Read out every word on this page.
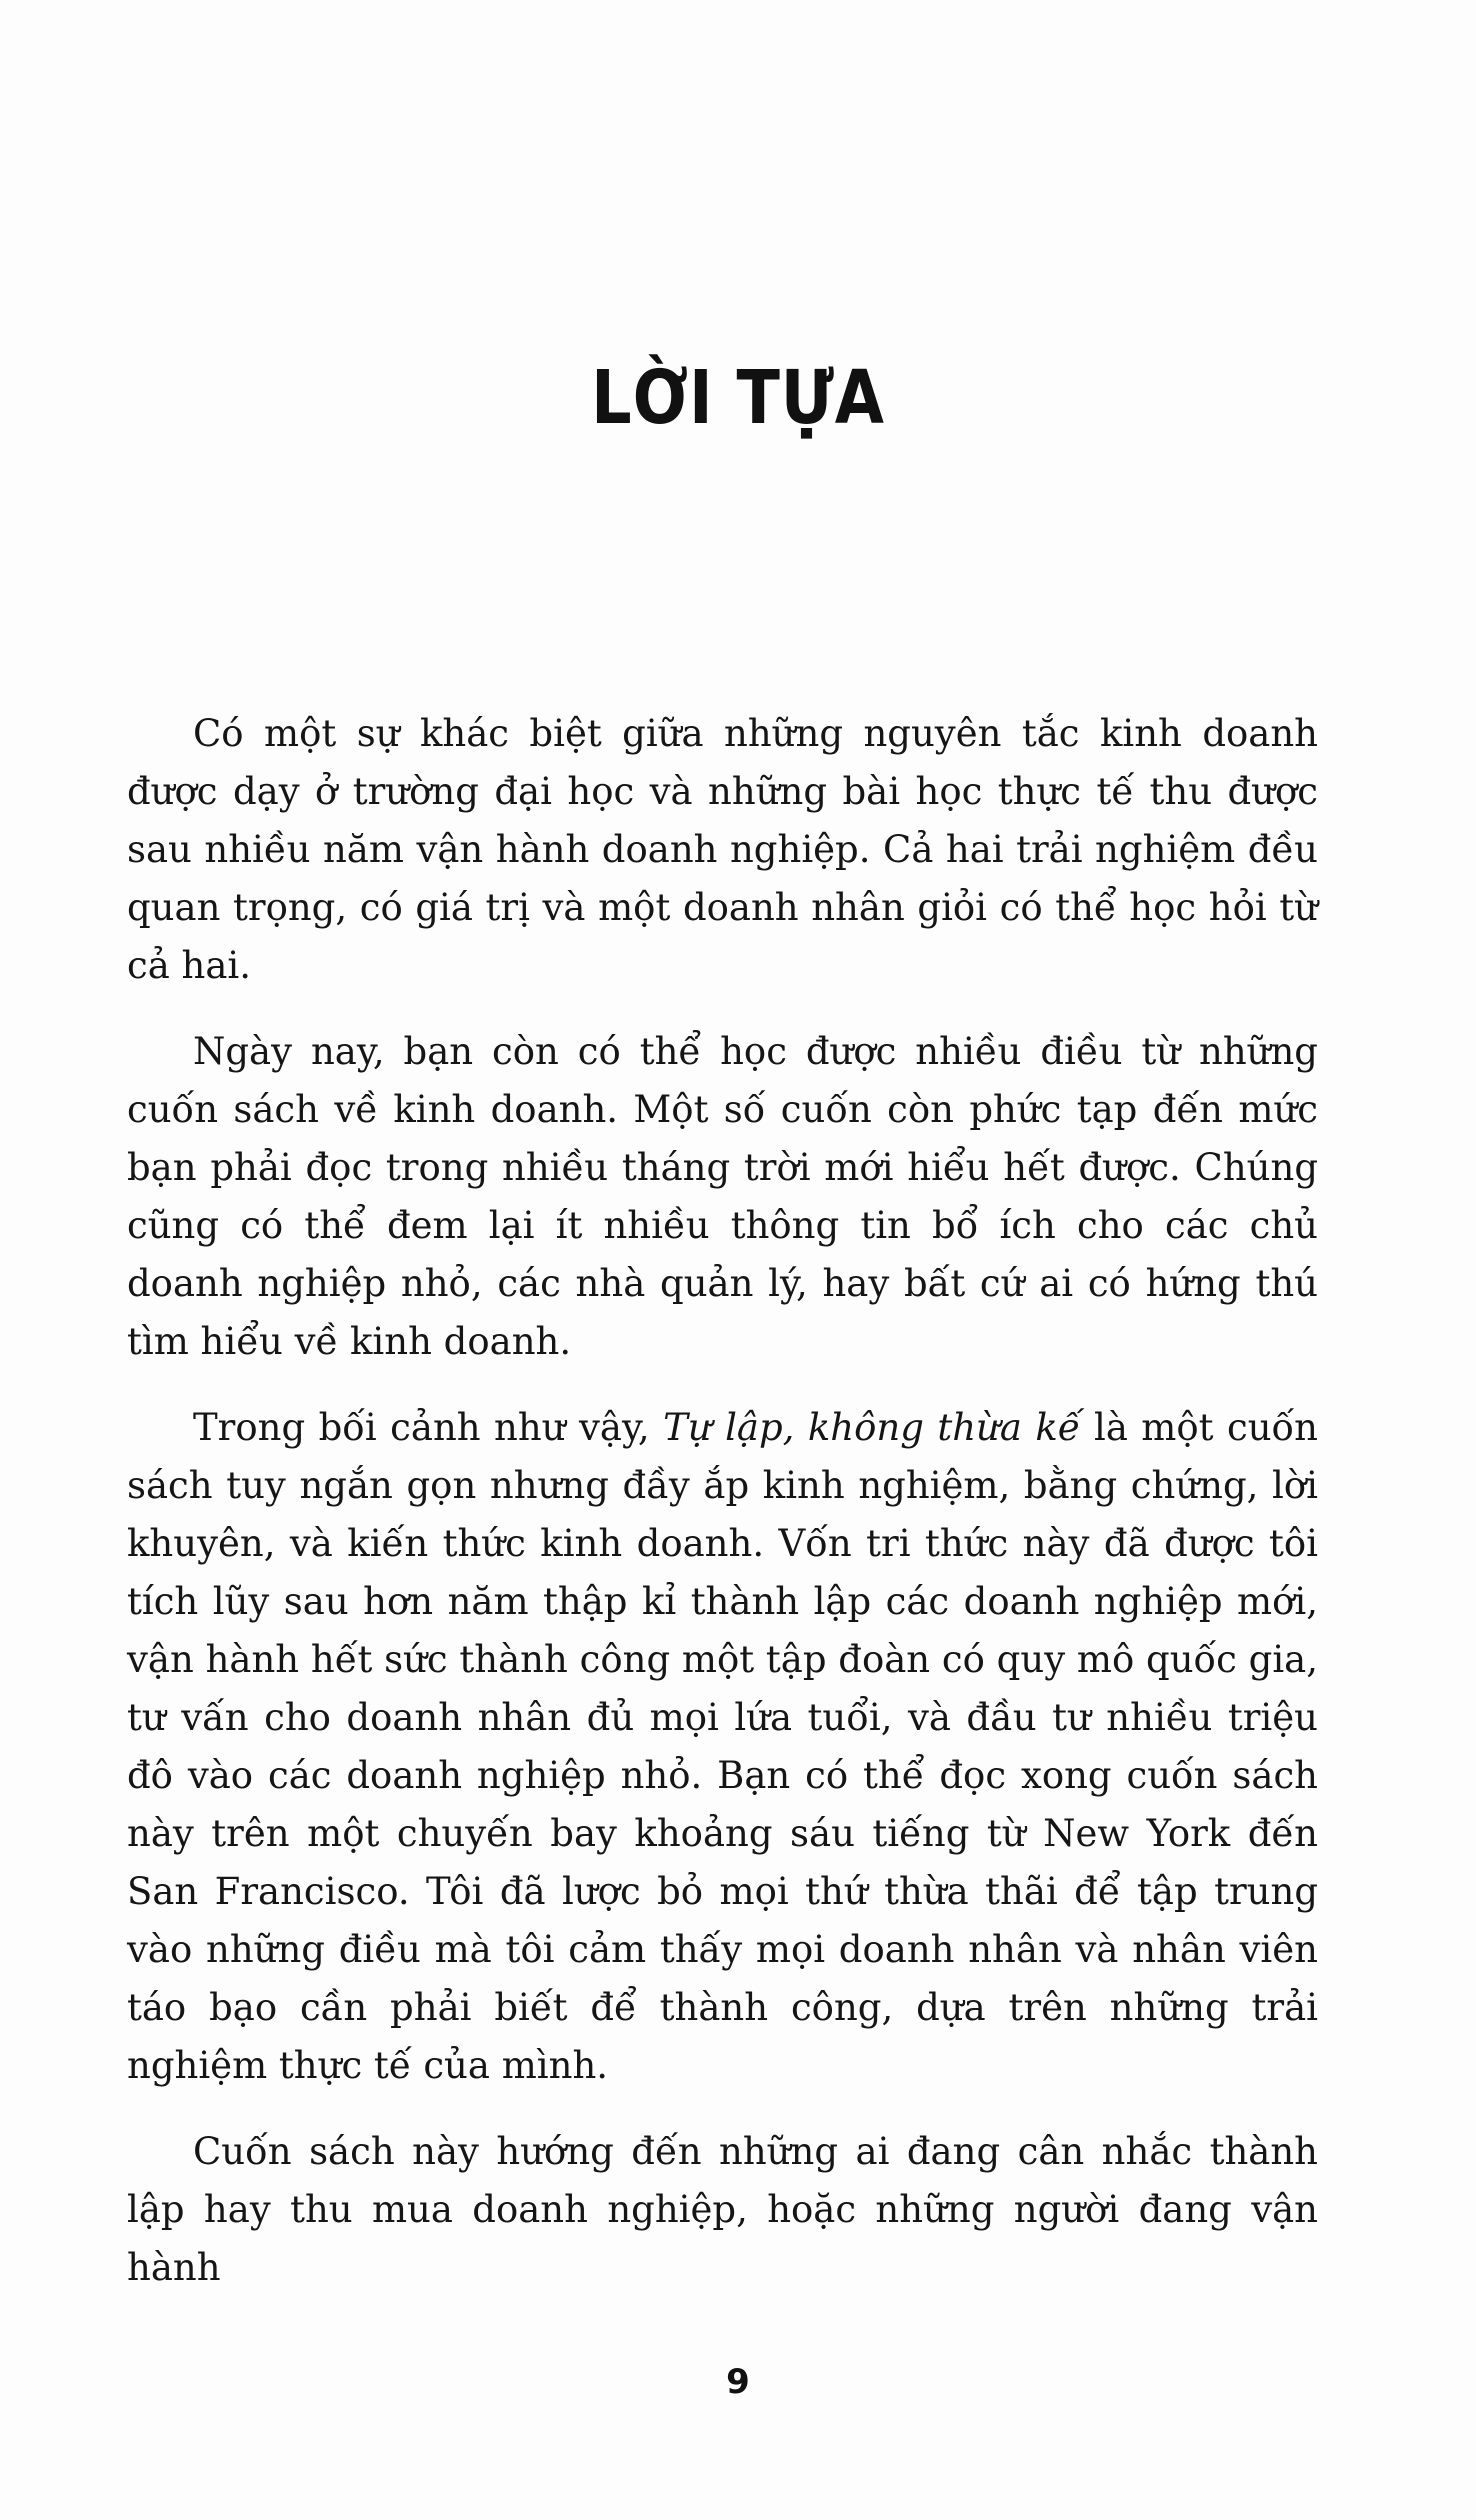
LỜI TỰA

Có một sự khác biệt giữa những nguyên tắc kinh doanh được dạy ở trường đại học và những bài học thực tế thu được sau nhiều năm vận hành doanh nghiệp. Cả hai trải nghiệm đều quan trọng, có giá trị và một doanh nhân giỏi có thể học hỏi từ cả hai.

Ngày nay, bạn còn có thể học được nhiều điều từ những cuốn sách về kinh doanh. Một số cuốn còn phức tạp đến mức bạn phải đọc trong nhiều tháng trời mới hiểu hết được. Chúng cũng có thể đem lại ít nhiều thông tin bổ ích cho các chủ doanh nghiệp nhỏ, các nhà quản lý, hay bất cứ ai có hứng thú tìm hiểu về kinh doanh.

Trong bối cảnh như vậy, Tự lập, không thừa kế là một cuốn sách tuy ngắn gọn nhưng đầy ắp kinh nghiệm, bằng chứng, lời khuyên, và kiến thức kinh doanh. Vốn tri thức này đã được tôi tích lũy sau hơn năm thập kỉ thành lập các doanh nghiệp mới, vận hành hết sức thành công một tập đoàn có quy mô quốc gia, tư vấn cho doanh nhân đủ mọi lứa tuổi, và đầu tư nhiều triệu đô vào các doanh nghiệp nhỏ. Bạn có thể đọc xong cuốn sách này trên một chuyến bay khoảng sáu tiếng từ New York đến San Francisco. Tôi đã lược bỏ mọi thứ thừa thãi để tập trung vào những điều mà tôi cảm thấy mọi doanh nhân và nhân viên táo bạo cần phải biết để thành công, dựa trên những trải nghiệm thực tế của mình.

Cuốn sách này hướng đến những ai đang cân nhắc thành lập hay thu mua doanh nghiệp, hoặc những người đang vận hành

9
